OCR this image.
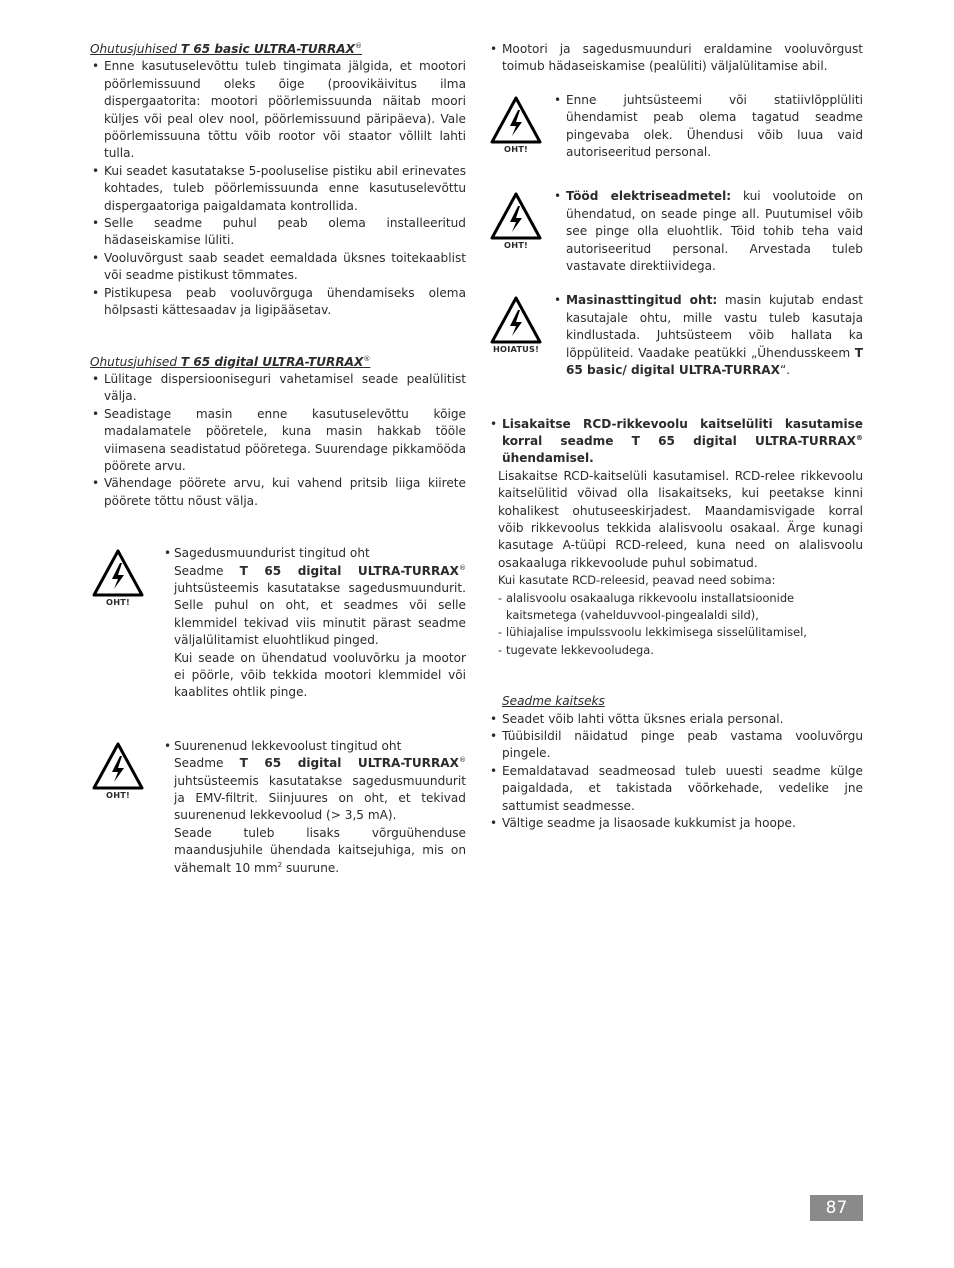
Ohutusjuhised T 65 basic ULTRA-TURRAX®

• Enne kasutuselevõttu tuleb tingimata jälgida, et mootori pöörlemissuund oleks õige (proovikäivitus ilma dispergaatorita: mootori pöörlemissuunda näitab moori küljes või peal olev nool, pöörlemissuund päripäeva). Vale pöörlemissuuna tõttu võib rootor või staator võllilt lahti tulla.
• Kui seadet kasutatakse 5-pooluselise pistiku abil erinevates kohtades, tuleb pöörlemissuunda enne kasutuselevõttu dispergaatoriga paigaldamata kontrollida.
• Selle seadme puhul peab olema installeeritud hädaseiskamise lüliti.
• Vooluvõrgust saab seadet eemaldada üksnes toitekaablist või seadme pistikust tõmmates.
• Pistikupesa peab vooluvõrguga ühendamiseks olema hõlpsasti kättesaadav ja ligipääsetav.

Ohutusjuhised T 65 digital ULTRA-TURRAX®

• Lülitage dispersiooniseguri vahetamisel seade pealülitist välja.
• Seadistage masin enne kasutuselevõttu kõige madalamatele pööretele, kuna masin hakkab tööle viimasena seadistatud pööretega. Suurendage pikkamööda pöörete arvu.
• Vähendage pöörete arvu, kui vahend pritsib liiga kiirete pöörete tõttu nõust välja.
OHT!
• Sagedusmuundurist tingitud oht

Seadme T 65 digital ULTRA-TURRAX® juhtsüsteemis kasutatakse sagedusmuundurit. Selle puhul on oht, et seadmes või selle klemmidel tekivad viis minutit pärast seadme väljalülitamist eluohtlikud pinged.

Kui seade on ühendatud vooluvõrku ja mootor ei pöörle, võib tekkida mootori klemmidel või kaablites ohtlik pinge.

OHT!
• Suurenenud lekkevoolust tingitud oht

Seadme T 65 digital ULTRA-TURRAX® juhtsüsteemis kasutatakse sagedusmuundurit ja EMV-filtrit. Siinjuures on oht, et tekivad suurenenud lekkevoolud (> 3,5 mA).

Seade tuleb lisaks võrguühenduse maandusjuhile ühendada kaitsejuhiga, mis on vähemalt 10 $mm^2$ suurune.

• Mootori ja sagedusmuunduri eraldamine vooluvõrgust toimub hädaseiskamise (pealüliti) väljalülitamise abil.
OHT!
• Enne juhtsüsteemi või statiivlõpplüliti ühendamist peab olema tagatud seadme pingevaba olek. Ühendusi võib luua vaid autoriseeritud personal.
OHT!
• Tööd elektriseadmetel: kui voolutoide on ühendatud, on seade pinge all. Puutumisel võib see pinge olla eluohtlik. Töid tohib teha vaid autoriseeritud personal. Arvestada tuleb vastavate direktiividega.
HOIATUS!
• Masinasttingitud oht: masin kujutab endast kasutajale ohtu, mille vastu tuleb kasutaja kindlustada. Juhtsüsteem võib hallata ka lõppüliteid. Vaadake peatükki „Ühendusskeem T 65 basic/ digital ULTRA-TURRAX“.
• Lisakaitse RCD-rikkevoolu kaitselüliti kasutamise korral seadme T 65 digital ULTRA-TURRAX® ühendamisel.
Lisakaitse RCD-kaitselüli kasutamisel. RCD-relee rikkevoolu kaitselülitid võivad olla lisakaitseks, kui peetakse kinni kohalikest ohutuseeskirjadest. Maandamisvigade korral võib rikkevoolus tekkida alalisvoolu osakaal. Ärge kunagi kasutage A-tüüpi RCD-releed, kuna need on alalisvoolu osakaaluga rikkevoolude puhul sobimatud.
Kui kasutate RCD-releesid, peavad need sobima:
- alalisvoolu osakaaluga rikkevoolu installatsioonide kaitsmetega (vahelduvvool-pingealaldi sild),
- lühiajalise impulssvoolu lekkimisega sisselülitamisel,
- tugevate lekkevooludega.

Seadme kaitseks

• Seadet võib lahti võtta üksnes eriala personal.
• Tüübisildil näidatud pinge peab vastama vooluvõrgu pingele.
• Eemaldatavad seadmeosad tuleb uuesti seadme külge paigaldada, et takistada võõrkehade, vedelike jne sattumist seadmesse.
• Vältige seadme ja lisaosade kukkumist ja hoope.
87
